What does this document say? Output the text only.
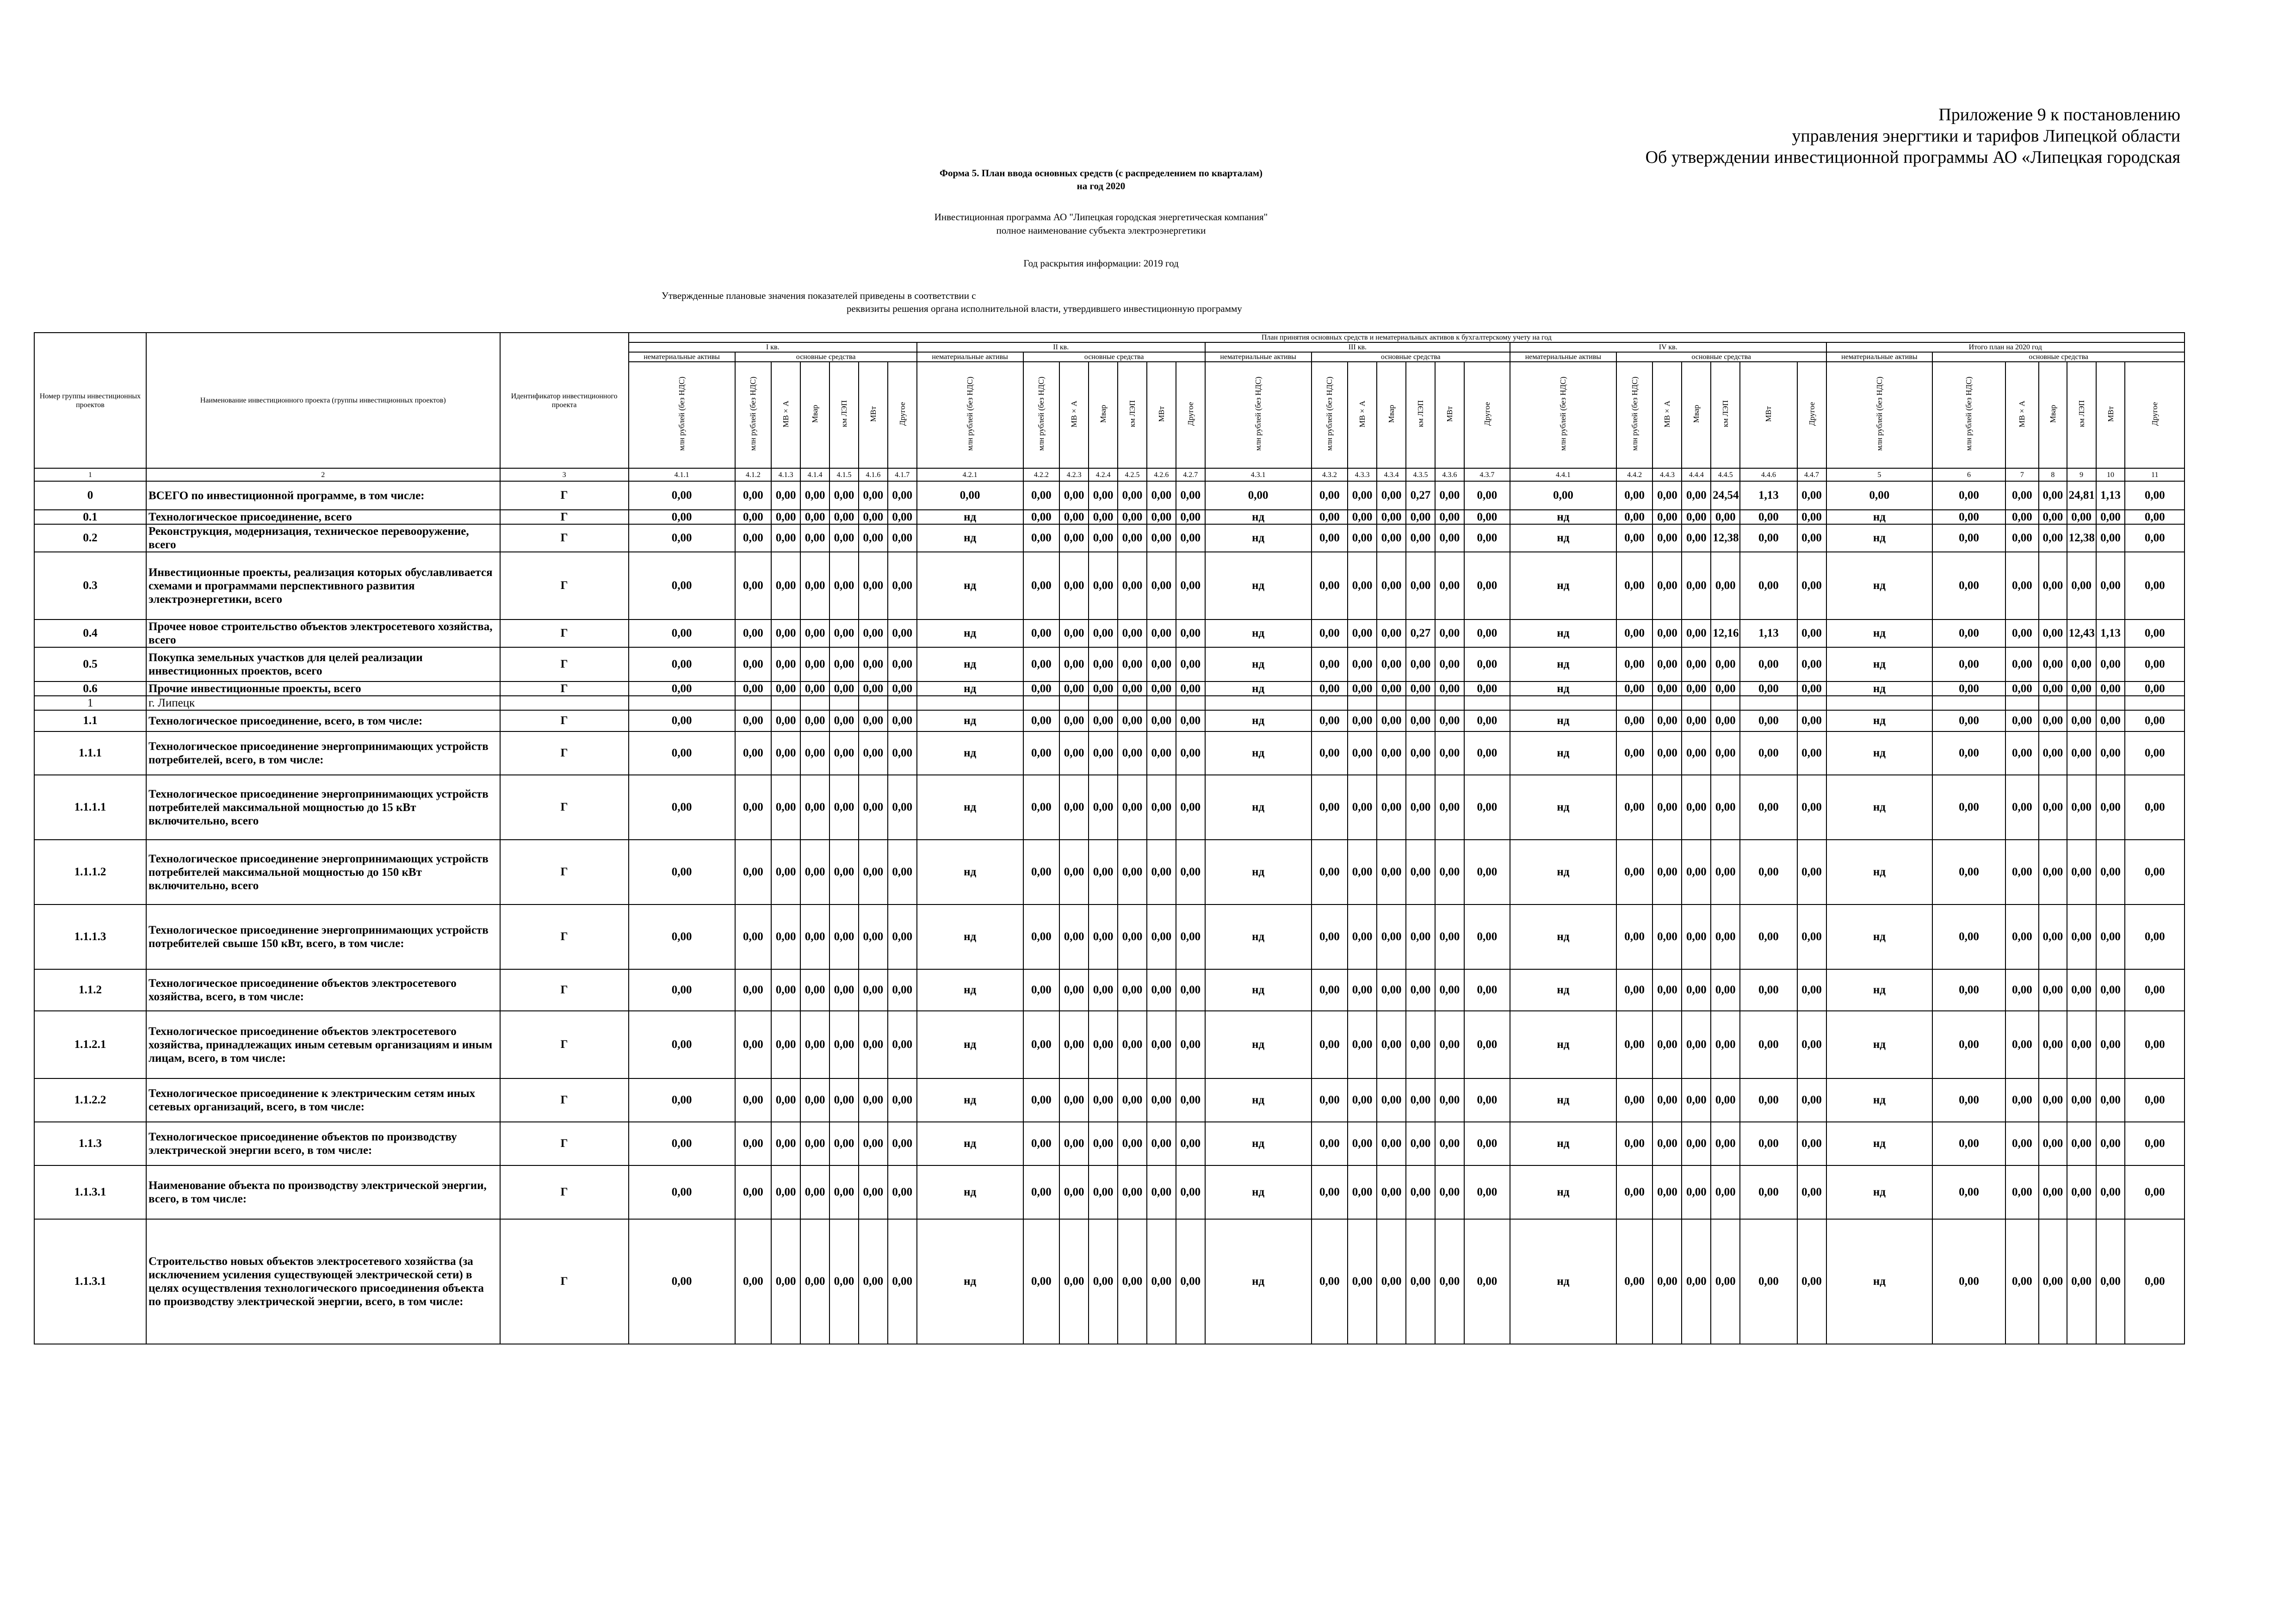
Приложение 9 к постановлению
управления энергтики и тарифов Липецкой области
Об утверждении инвестиционной программы АО «Липецкая городская
Форма 5. План ввода основных средств (с распределением по кварталам)
на год 2020
Инвестиционная программа АО "Липецкая городская энергетическая компания"
полное наименование субъекта электроэнергетики
Год раскрытия информации: 2019 год
Утвержденные плановые значения показателей приведены в соответствии с
реквизиты решения органа исполнительной власти, утвердившего инвестиционную программу
Номер группы инвестиционных проектов	Наименование инвестиционного проекта (группы инвестиционных проектов)	Идентификатор инвестиционного проекта	План принятия основных средств и нематериальных активов к бухгалтерскому учету на год																																		
			I кв.							II кв.							III кв.							IV кв.							Итого план на 2020 год						
			нематериальные активы	основные средства						нематериальные активы	основные средства						нематериальные активы	основные средства						нематериальные активы	основные средства						нематериальные активы	основные средства					
			млн рублей (без НДС)	млн рублей (без НДС)	МВ×А	Мвар	км ЛЭП	МВт	Другое	млн рублей (без НДС)	млн рублей (без НДС)	МВ×А	Мвар	км ЛЭП	МВт	Другое	млн рублей (без НДС)	млн рублей (без НДС)	МВ×А	Мвар	км ЛЭП	МВт	Другое	млн рублей (без НДС)	млн рублей (без НДС)	МВ×А	Мвар	км ЛЭП	МВт	Другое	млн рублей (без НДС)	млн рублей (без НДС)	МВ×А	Мвар	км ЛЭП	МВт	Другое
1	2	3	4.1.1	4.1.2	4.1.3	4.1.4	4.1.5	4.1.6	4.1.7	4.2.1	4.2.2	4.2.3	4.2.4	4.2.5	4.2.6	4.2.7	4.3.1	4.3.2	4.3.3	4.3.4	4.3.5	4.3.6	4.3.7	4.4.1	4.4.2	4.4.3	4.4.4	4.4.5	4.4.6	4.4.7	5	6	7	8	9	10	11
0	ВСЕГО по инвестиционной программе, в том числе:	Г	0,00	0,00	0,00	0,00	0,00	0,00	0,00	0,00	0,00	0,00	0,00	0,00	0,00	0,00	0,00	0,00	0,00	0,00	0,27	0,00	0,00	0,00	0,00	0,00	0,00	24,54	1,13	0,00	0,00	0,00	0,00	0,00	24,81	1,13	0,00
0.1	Технологическое присоединение, всего	Г	0,00	0,00	0,00	0,00	0,00	0,00	0,00	нд	0,00	0,00	0,00	0,00	0,00	0,00	нд	0,00	0,00	0,00	0,00	0,00	0,00	нд	0,00	0,00	0,00	0,00	0,00	0,00	нд	0,00	0,00	0,00	0,00	0,00	0,00
0.2	Реконструкция, модернизация, техническое перевооружение, всего	Г	0,00	0,00	0,00	0,00	0,00	0,00	0,00	нд	0,00	0,00	0,00	0,00	0,00	0,00	нд	0,00	0,00	0,00	0,00	0,00	0,00	нд	0,00	0,00	0,00	12,38	0,00	0,00	нд	0,00	0,00	0,00	12,38	0,00	0,00
0.3	Инвестиционные проекты, реализация которых обуславливается схемами и программами перспективного развития электроэнергетики, всего	Г	0,00	0,00	0,00	0,00	0,00	0,00	0,00	нд	0,00	0,00	0,00	0,00	0,00	0,00	нд	0,00	0,00	0,00	0,00	0,00	0,00	нд	0,00	0,00	0,00	0,00	0,00	0,00	нд	0,00	0,00	0,00	0,00	0,00	0,00
0.4	Прочее новое строительство объектов электросетевого хозяйства, всего	Г	0,00	0,00	0,00	0,00	0,00	0,00	0,00	нд	0,00	0,00	0,00	0,00	0,00	0,00	нд	0,00	0,00	0,00	0,27	0,00	0,00	нд	0,00	0,00	0,00	12,16	1,13	0,00	нд	0,00	0,00	0,00	12,43	1,13	0,00
0.5	Покупка земельных участков для целей реализации инвестиционных проектов, всего	Г	0,00	0,00	0,00	0,00	0,00	0,00	0,00	нд	0,00	0,00	0,00	0,00	0,00	0,00	нд	0,00	0,00	0,00	0,00	0,00	0,00	нд	0,00	0,00	0,00	0,00	0,00	0,00	нд	0,00	0,00	0,00	0,00	0,00	0,00
0.6	Прочие инвестиционные проекты, всего	Г	0,00	0,00	0,00	0,00	0,00	0,00	0,00	нд	0,00	0,00	0,00	0,00	0,00	0,00	нд	0,00	0,00	0,00	0,00	0,00	0,00	нд	0,00	0,00	0,00	0,00	0,00	0,00	нд	0,00	0,00	0,00	0,00	0,00	0,00
1	г. Липецк																																				
1.1	Технологическое присоединение, всего, в том числе:	Г	0,00	0,00	0,00	0,00	0,00	0,00	0,00	нд	0,00	0,00	0,00	0,00	0,00	0,00	нд	0,00	0,00	0,00	0,00	0,00	0,00	нд	0,00	0,00	0,00	0,00	0,00	0,00	нд	0,00	0,00	0,00	0,00	0,00	0,00
1.1.1	Технологическое присоединение энергопринимающих устройств потребителей, всего, в том числе:	Г	0,00	0,00	0,00	0,00	0,00	0,00	0,00	нд	0,00	0,00	0,00	0,00	0,00	0,00	нд	0,00	0,00	0,00	0,00	0,00	0,00	нд	0,00	0,00	0,00	0,00	0,00	0,00	нд	0,00	0,00	0,00	0,00	0,00	0,00
1.1.1.1	Технологическое присоединение энергопринимающих устройств потребителей максимальной мощностью до 15 кВт включительно, всего	Г	0,00	0,00	0,00	0,00	0,00	0,00	0,00	нд	0,00	0,00	0,00	0,00	0,00	0,00	нд	0,00	0,00	0,00	0,00	0,00	0,00	нд	0,00	0,00	0,00	0,00	0,00	0,00	нд	0,00	0,00	0,00	0,00	0,00	0,00
1.1.1.2	Технологическое присоединение энергопринимающих устройств потребителей максимальной мощностью до 150 кВт включительно, всего	Г	0,00	0,00	0,00	0,00	0,00	0,00	0,00	нд	0,00	0,00	0,00	0,00	0,00	0,00	нд	0,00	0,00	0,00	0,00	0,00	0,00	нд	0,00	0,00	0,00	0,00	0,00	0,00	нд	0,00	0,00	0,00	0,00	0,00	0,00
1.1.1.3	Технологическое присоединение энергопринимающих устройств потребителей свыше 150 кВт, всего, в том числе:	Г	0,00	0,00	0,00	0,00	0,00	0,00	0,00	нд	0,00	0,00	0,00	0,00	0,00	0,00	нд	0,00	0,00	0,00	0,00	0,00	0,00	нд	0,00	0,00	0,00	0,00	0,00	0,00	нд	0,00	0,00	0,00	0,00	0,00	0,00
1.1.2	Технологическое присоединение объектов электросетевого хозяйства, всего, в том числе:	Г	0,00	0,00	0,00	0,00	0,00	0,00	0,00	нд	0,00	0,00	0,00	0,00	0,00	0,00	нд	0,00	0,00	0,00	0,00	0,00	0,00	нд	0,00	0,00	0,00	0,00	0,00	0,00	нд	0,00	0,00	0,00	0,00	0,00	0,00
1.1.2.1	Технологическое присоединение объектов электросетевого хозяйства, принадлежащих иным сетевым организациям и иным лицам, всего, в том числе:	Г	0,00	0,00	0,00	0,00	0,00	0,00	0,00	нд	0,00	0,00	0,00	0,00	0,00	0,00	нд	0,00	0,00	0,00	0,00	0,00	0,00	нд	0,00	0,00	0,00	0,00	0,00	0,00	нд	0,00	0,00	0,00	0,00	0,00	0,00
1.1.2.2	Технологическое присоединение к электрическим сетям иных сетевых организаций, всего, в том числе:	Г	0,00	0,00	0,00	0,00	0,00	0,00	0,00	нд	0,00	0,00	0,00	0,00	0,00	0,00	нд	0,00	0,00	0,00	0,00	0,00	0,00	нд	0,00	0,00	0,00	0,00	0,00	0,00	нд	0,00	0,00	0,00	0,00	0,00	0,00
1.1.3	Технологическое присоединение объектов по производству электрической энергии всего, в том числе:	Г	0,00	0,00	0,00	0,00	0,00	0,00	0,00	нд	0,00	0,00	0,00	0,00	0,00	0,00	нд	0,00	0,00	0,00	0,00	0,00	0,00	нд	0,00	0,00	0,00	0,00	0,00	0,00	нд	0,00	0,00	0,00	0,00	0,00	0,00
1.1.3.1	Наименование объекта по производству электрической энергии, всего, в том числе:	Г	0,00	0,00	0,00	0,00	0,00	0,00	0,00	нд	0,00	0,00	0,00	0,00	0,00	0,00	нд	0,00	0,00	0,00	0,00	0,00	0,00	нд	0,00	0,00	0,00	0,00	0,00	0,00	нд	0,00	0,00	0,00	0,00	0,00	0,00
1.1.3.1	Строительство новых объектов электросетевого хозяйства (за исключением усиления существующей электрической сети) в целях осуществления технологического присоединения объекта по производству электрической энергии, всего, в том числе:	Г	0,00	0,00	0,00	0,00	0,00	0,00	0,00	нд	0,00	0,00	0,00	0,00	0,00	0,00	нд	0,00	0,00	0,00	0,00	0,00	0,00	нд	0,00	0,00	0,00	0,00	0,00	0,00	нд	0,00	0,00	0,00	0,00	0,00	0,00
